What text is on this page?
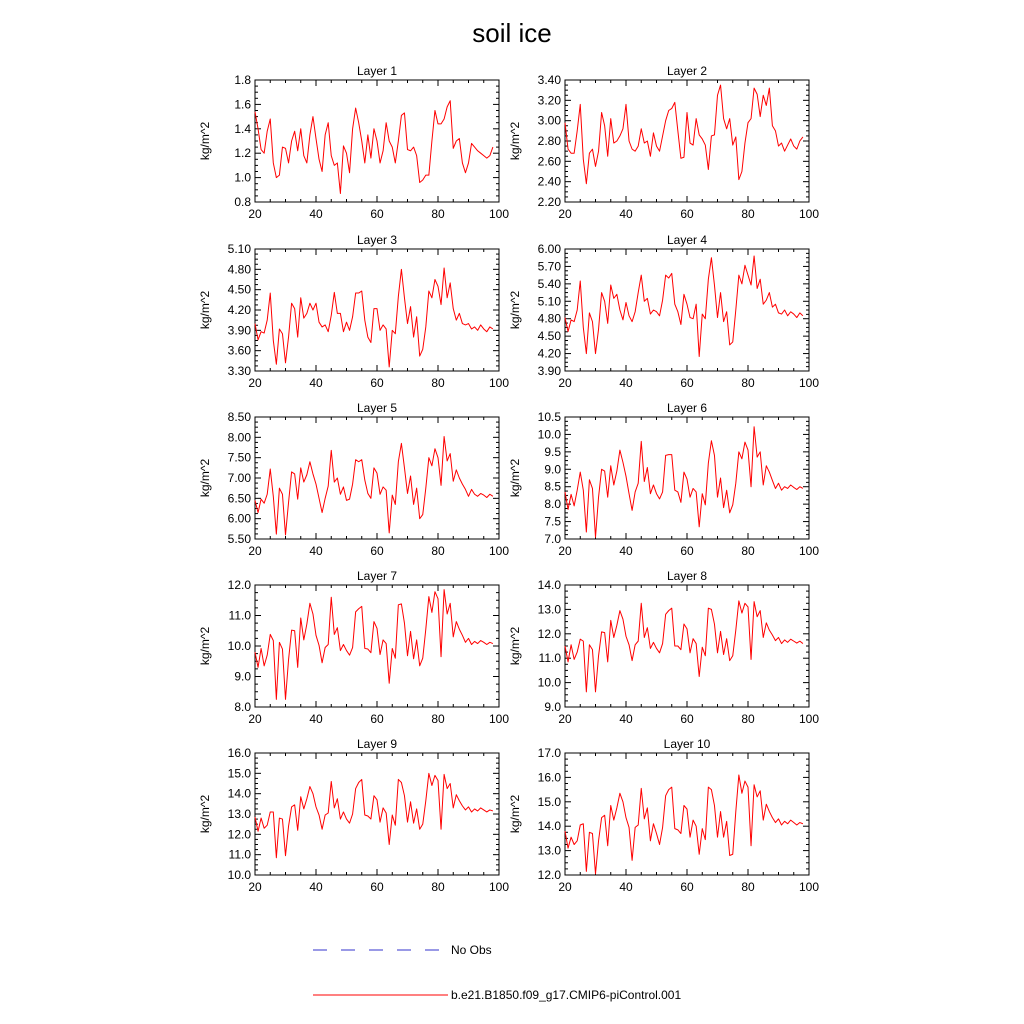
soil ice
Layer 1
20	40	60	80	100
0.8
1.0
1.2
1.4
1.6
1.8
kg/m^2
Layer 2
20	40	60	80	100
2.20
2.40
2.60
2.80
3.00
3.20
3.40
kg/m^2
Layer 3
20	40	60	80	100
3.30
3.60
3.90
4.20
4.50
4.80
5.10
kg/m^2
Layer 4
20	40	60	80	100
3.90
4.20
4.50
4.80
5.10
5.40
5.70
6.00
kg/m^2
Layer 5
20	40	60	80	100
5.50
6.00
6.50
7.00
7.50
8.00
8.50
kg/m^2
Layer 6
20	40	60	80	100
7.0
7.5
8.0
8.5
9.0
9.5
10.0
10.5
kg/m^2
Layer 7
20	40	60	80	100
8.0
9.0
10.0
11.0
12.0
kg/m^2
Layer 8
20	40	60	80	100
9.0
10.0
11.0
12.0
13.0
14.0
kg/m^2
Layer 9
20	40	60	80	100
10.0
11.0
12.0
13.0
14.0
15.0
16.0
kg/m^2
Layer 10
20	40	60	80	100
12.0
13.0
14.0
15.0
16.0
17.0
kg/m^2
No Obs
b.e21.B1850.f09_g17.CMIP6-piControl.001
